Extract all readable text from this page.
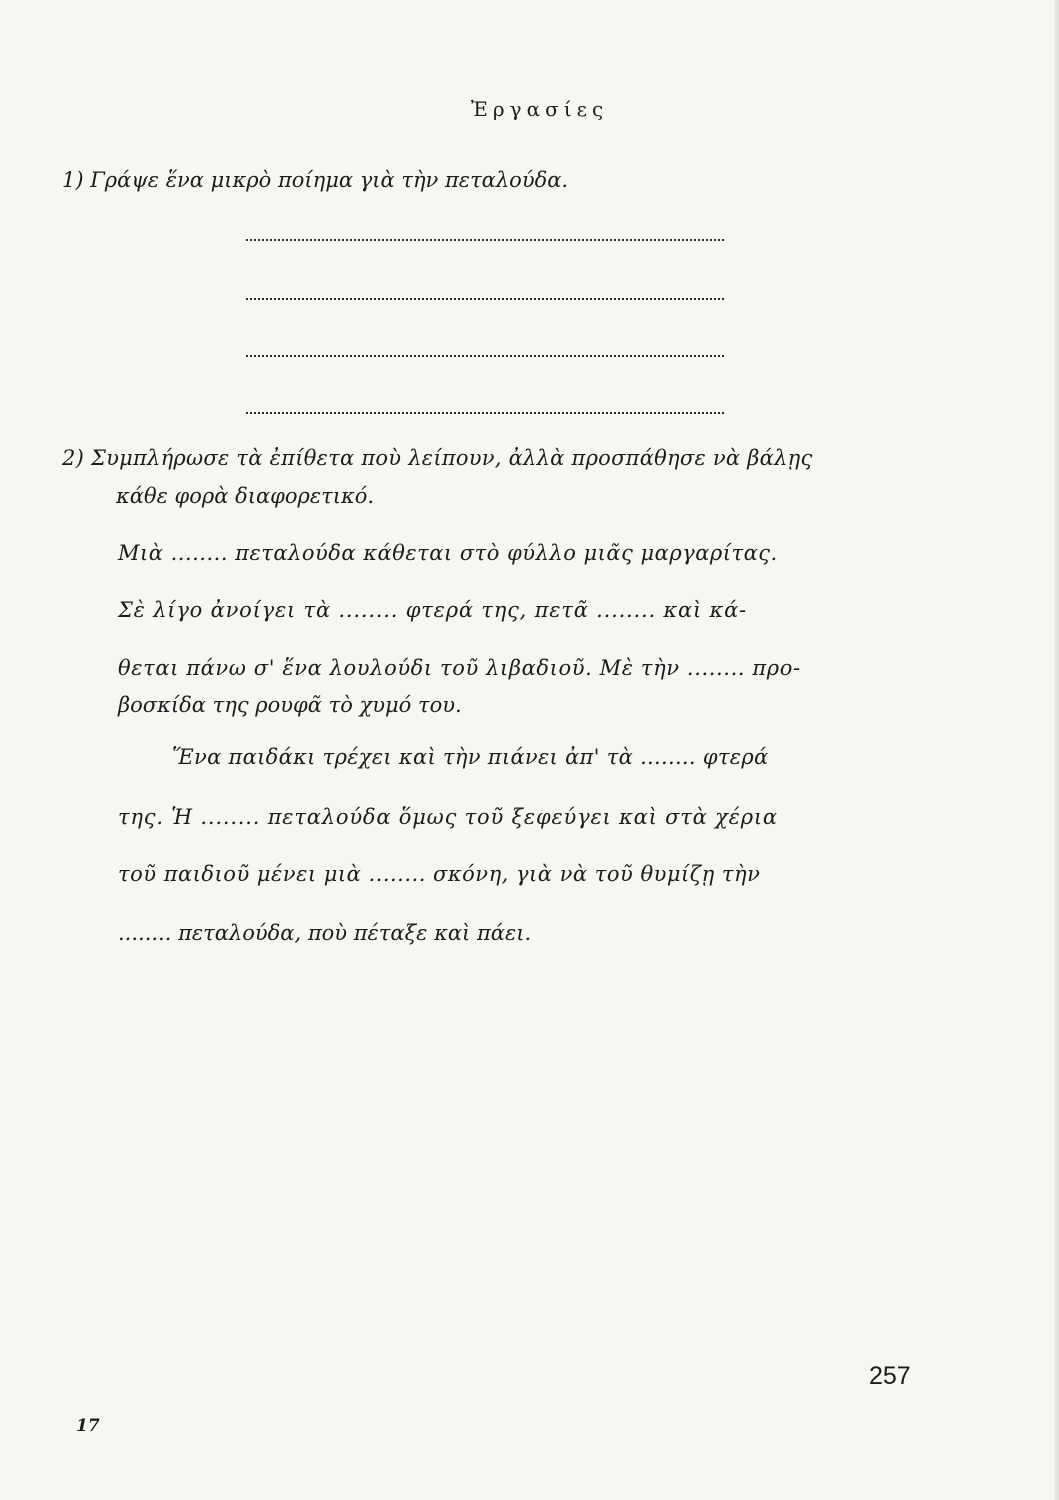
Ἐργασίες
1) Γράψε ἕνα μικρὸ ποίημα γιὰ τὴν πεταλούδα.
2) Συμπλήρωσε τὰ ἐπίθετα ποὺ λείπουν, ἀλλὰ προσπάθησε νὰ βάλῃς
κάθε φορὰ διαφορετικό.
Μιὰ ........ πεταλούδα κάθεται στὸ φύλλο μιᾶς μαργαρίτας.
Σὲ λίγο ἀνοίγει τὰ ........ φτερά της, πετᾶ ........ καὶ κά-
θεται πάνω σ' ἕνα λουλούδι τοῦ λιβαδιοῦ. Μὲ τὴν ........ προ-
βοσκίδα της ρουφᾶ τὸ χυμό του.
Ἕνα παιδάκι τρέχει καὶ τὴν πιάνει ἀπ' τὰ ........ φτερά
της. Ἡ ........ πεταλούδα ὅμως τοῦ ξεφεύγει καὶ στὰ χέρια
τοῦ παιδιοῦ μένει μιὰ ........ σκόνη, γιὰ νὰ τοῦ θυμίζῃ τὴν
........ πεταλούδα, ποὺ πέταξε καὶ πάει.
257
17
